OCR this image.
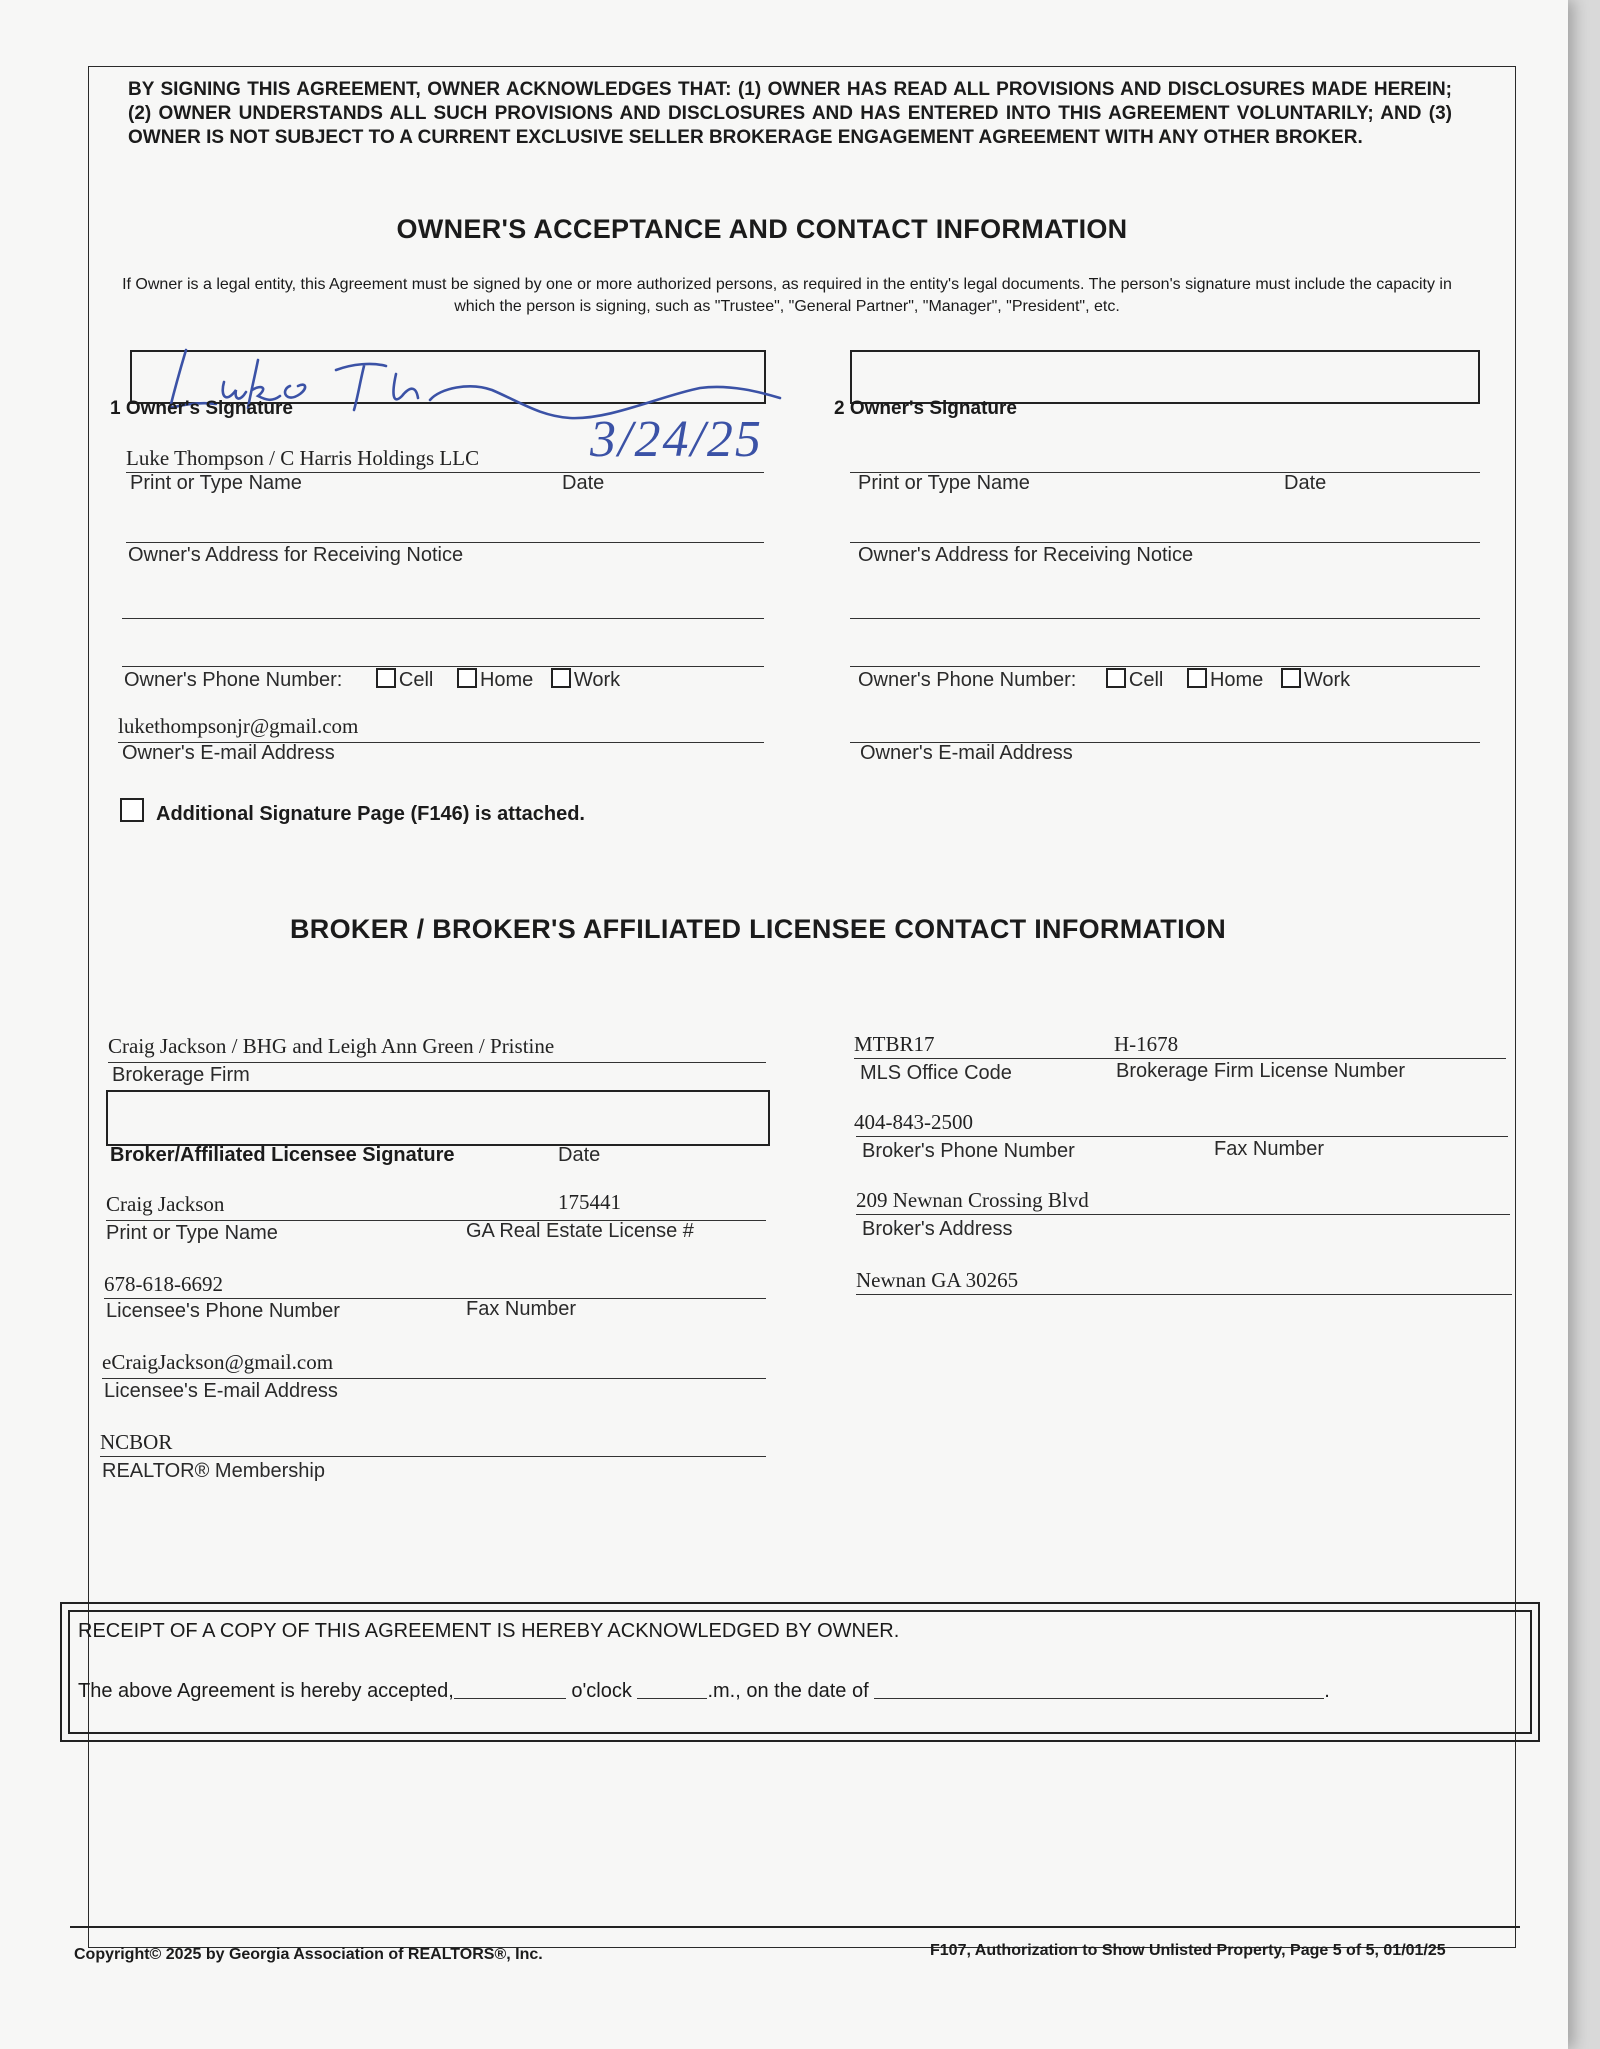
BY SIGNING THIS AGREEMENT, OWNER ACKNOWLEDGES THAT: (1) OWNER HAS READ ALL PROVISIONS AND DISCLOSURES MADE HEREIN; (2) OWNER UNDERSTANDS ALL SUCH PROVISIONS AND DISCLOSURES AND HAS ENTERED INTO THIS AGREEMENT VOLUNTARILY; AND (3) OWNER IS NOT SUBJECT TO A CURRENT EXCLUSIVE SELLER BROKERAGE ENGAGEMENT AGREEMENT WITH ANY OTHER BROKER.
OWNER'S ACCEPTANCE AND CONTACT INFORMATION
If Owner is a legal entity, this Agreement must be signed by one or more authorized persons, as required in the entity's legal documents. The person's signature must include the capacity in which the person is signing, such as "Trustee", "General Partner", "Manager", "President", etc.
1 Owner's Signature
3/24/25
2 Owner's Signature
Luke Thompson / C Harris Holdings LLC
Print or Type Name	Date	Print or Type Name	Date
Owner's Address for Receiving Notice	Owner's Address for Receiving Notice
Owner's Phone Number:	Cell Home Work	Owner's Phone Number:	Cell Home Work
lukethompsonjr@gmail.com
Owner's E-mail Address	Owner's E-mail Address
Additional Signature Page (F146) is attached.
BROKER / BROKER'S AFFILIATED LICENSEE CONTACT INFORMATION
Craig Jackson / BHG and Leigh Ann Green / Pristine
Brokerage Firm
Broker/Affiliated Licensee Signature	Date
Craig Jackson	175441
Print or Type Name	GA Real Estate License #
678-618-6692
Licensee's Phone Number	Fax Number
eCraigJackson@gmail.com
Licensee's E-mail Address
NCBOR
REALTOR® Membership
MTBR17	H-1678
MLS Office Code	Brokerage Firm License Number
404-843-2500
Broker's Phone Number	Fax Number
209 Newnan Crossing Blvd
Broker's Address
Newnan GA 30265
RECEIPT OF A COPY OF THIS AGREEMENT IS HEREBY ACKNOWLEDGED BY OWNER.
The above Agreement is hereby accepted,	o'clock	.m., on the date of	.
Copyright© 2025 by Georgia Association of REALTORS®, Inc.	F107, Authorization to Show Unlisted Property, Page 5 of 5, 01/01/25
